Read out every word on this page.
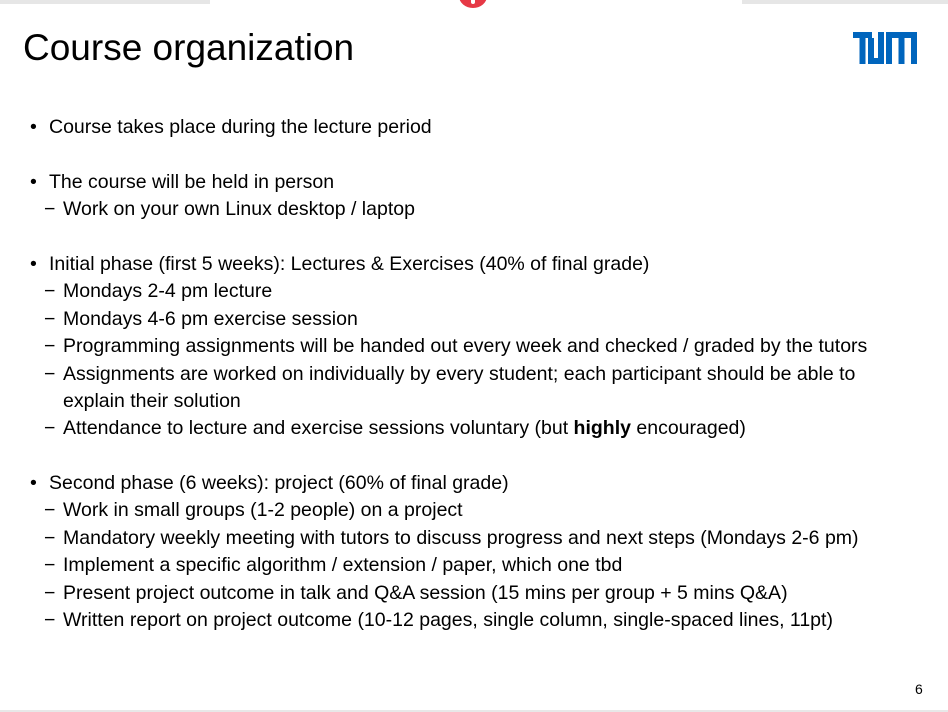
Course organization
• Course takes place during the lecture period
• The course will be held in person
− Work on your own Linux desktop / laptop
• Initial phase (first 5 weeks): Lectures & Exercises (40% of final grade)
− Mondays 2-4 pm lecture
− Mondays 4-6 pm exercise session
− Programming assignments will be handed out every week and checked / graded by the tutors
− Assignments are worked on individually by every student; each participant should be able to
explain their solution
− Attendance to lecture and exercise sessions voluntary (but highly encouraged)
• Second phase (6 weeks): project (60% of final grade)
− Work in small groups (1-2 people) on a project
− Mandatory weekly meeting with tutors to discuss progress and next steps (Mondays 2-6 pm)
− Implement a specific algorithm / extension / paper, which one tbd
− Present project outcome in talk and Q&A session (15 mins per group + 5 mins Q&A)
− Written report on project outcome (10-12 pages, single column, single-spaced lines, 11pt)
6
